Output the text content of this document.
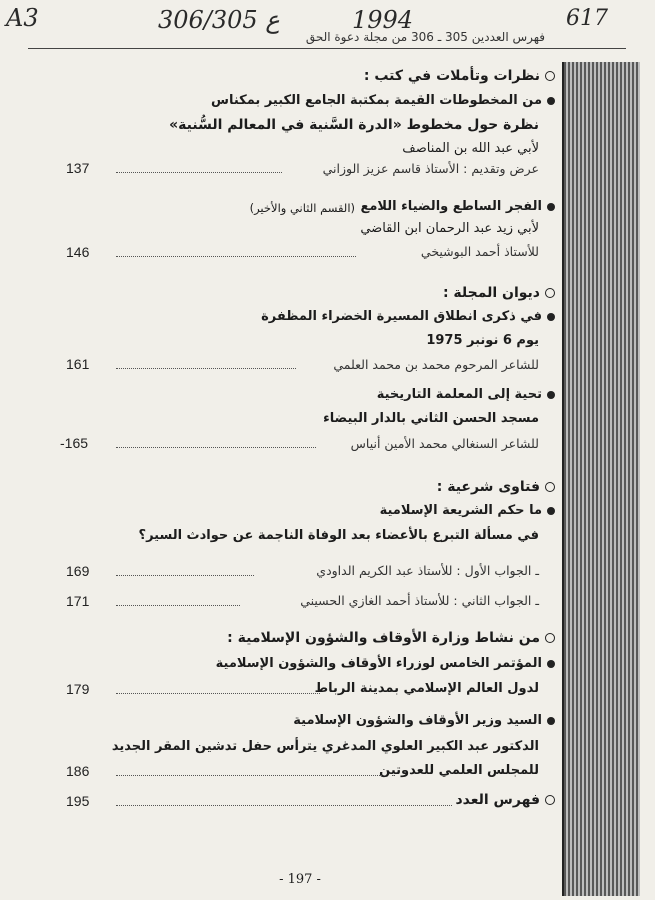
A3	306/305 ع	1994	617
فهرس العددين 305 ـ 306 من مجلة دعوة الحق
نظرات وتأملات في كتب :
من المخطوطات القيمة بمكتبة الجامع الكبير بمكناس
نظرة حول مخطوط «الدرة السَّنية في المعالم السُّنية»
لأبي عبد الله بن المناصف
عرض وتقديم : الأستاذ قاسم عزيز الوزاني
137
الفجر الساطع والضياء اللامع
(القسم الثاني والأخير)
لأبي زيد عبد الرحمان ابن القاضي
للأستاذ أحمد البوشيخي
146
ديوان المجلة :
في ذكرى انطلاق المسيرة الخضراء المظفرة
يوم 6 نونبر 1975
للشاعر المرحوم محمد بن محمد العلمي
161
تحية إلى المعلمة التاريخية
مسجد الحسن الثاني بالدار البيضاء
للشاعر السنغالي محمد الأمين أنياس
-165
فتاوى شرعية :
ما حكم الشريعة الإسلامية
في مسألة التبرع بالأعضاء بعد الوفاة الناجمة عن حوادث السير؟
ـ الجواب الأول : للأستاذ عبد الكريم الداودي
169
ـ الجواب الثاني : للأستاذ أحمد الغازي الحسيني
171
من نشاط وزارة الأوقاف والشؤون الإسلامية :
المؤتمر الخامس لوزراء الأوقاف والشؤون الإسلامية
لدول العالم الإسلامي بمدينة الرباط
179
السيد وزير الأوقاف والشؤون الإسلامية
الدكتور عبد الكبير العلوي المدغري يترأس حفل تدشين المقر الجديد
للمجلس العلمي للعدوتين
186
فهرس العدد
195
- 197 -
